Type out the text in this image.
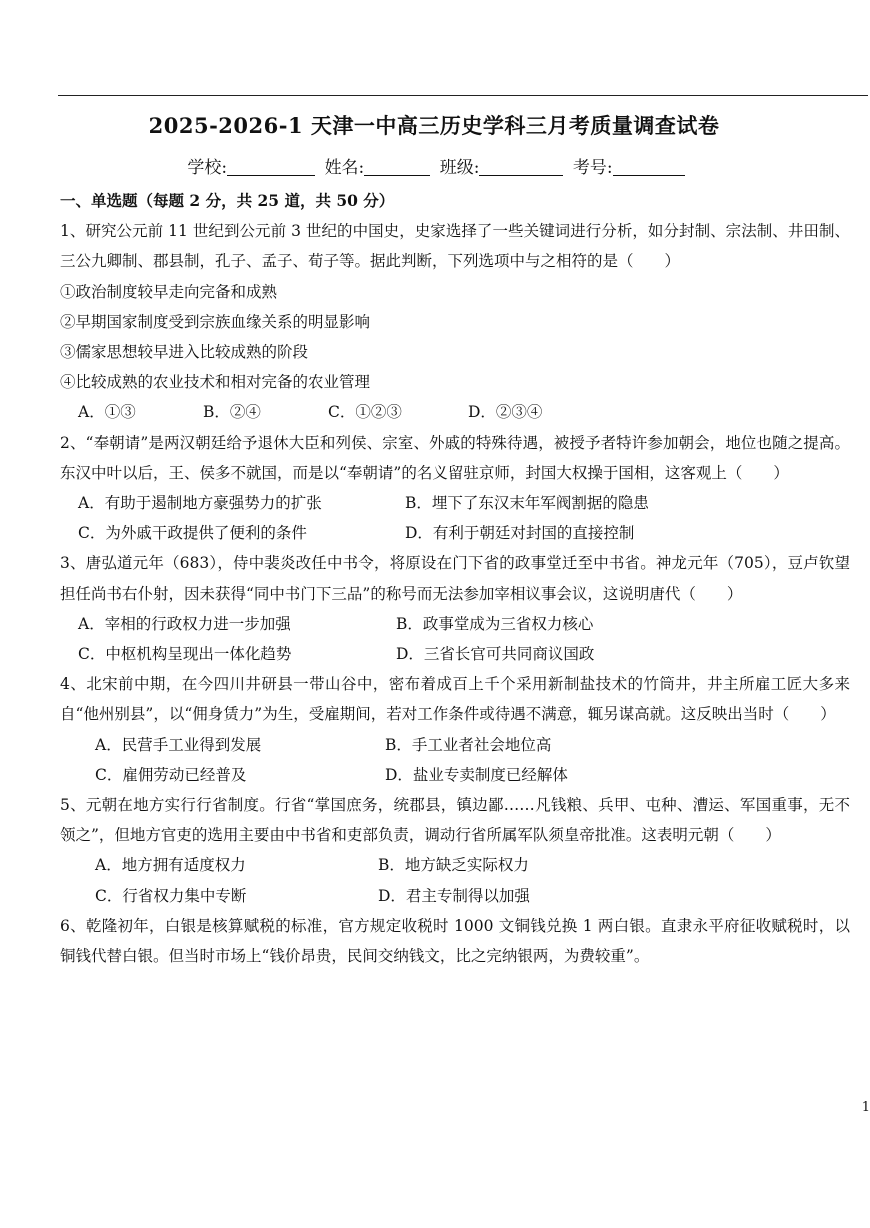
2025-2026-1 天津一中高三历史学科三月考质量调查试卷
学校:	姓名:	班级:	考号:
一、单选题（每题 2 分，共 25 道，共 50 分）
1、研究公元前 11 世纪到公元前 3 世纪的中国史，史家选择了一些关键词进行分析，如分封制、宗法制、井田制、三公九卿制、郡县制，孔子、孟子、荀子等。据此判断，下列选项中与之相符的是（　　）
①政治制度较早走向完备和成熟
②早期国家制度受到宗族血缘关系的明显影响
③儒家思想较早进入比较成熟的阶段
④比较成熟的农业技术和相对完备的农业管理
A．①③	B．②④	C．①②③	D．②③④
2、“奉朝请”是两汉朝廷给予退休大臣和列侯、宗室、外戚的特殊待遇，被授予者特许参加朝会，地位也随之提高。东汉中叶以后，王、侯多不就国，而是以“奉朝请”的名义留驻京师，封国大权操于国相，这客观上（　　）
A．有助于遏制地方豪强势力的扩张	B．埋下了东汉末年军阀割据的隐患
C．为外戚干政提供了便利的条件	D．有利于朝廷对封国的直接控制
3、唐弘道元年（683），侍中裴炎改任中书令，将原设在门下省的政事堂迁至中书省。神龙元年（705），豆卢钦望担任尚书右仆射，因未获得“同中书门下三品”的称号而无法参加宰相议事会议，这说明唐代（　　）
A．宰相的行政权力进一步加强	B．政事堂成为三省权力核心
C．中枢机构呈现出一体化趋势	D．三省长官可共同商议国政
4、北宋前中期，在今四川井研县一带山谷中，密布着成百上千个采用新制盐技术的竹筒井，井主所雇工匠大多来自“他州别县”，以“佣身赁力”为生，受雇期间，若对工作条件或待遇不满意，辄另谋高就。这反映出当时（　　）
A．民营手工业得到发展	B．手工业者社会地位高
C．雇佣劳动已经普及	D．盐业专卖制度已经解体
5、元朝在地方实行行省制度。行省“掌国庶务，统郡县，镇边鄙……凡钱粮、兵甲、屯种、漕运、军国重事，无不领之”，但地方官吏的选用主要由中书省和吏部负责，调动行省所属军队须皇帝批准。这表明元朝（　　）
A．地方拥有适度权力	B．地方缺乏实际权力
C．行省权力集中专断	D．君主专制得以加强
6、乾隆初年，白银是核算赋税的标准，官方规定收税时 1000 文铜钱兑换 1 两白银。直隶永平府征收赋税时，以铜钱代替白银。但当时市场上“钱价昂贵，民间交纳钱文，比之完纳银两，为费较重”。
1
